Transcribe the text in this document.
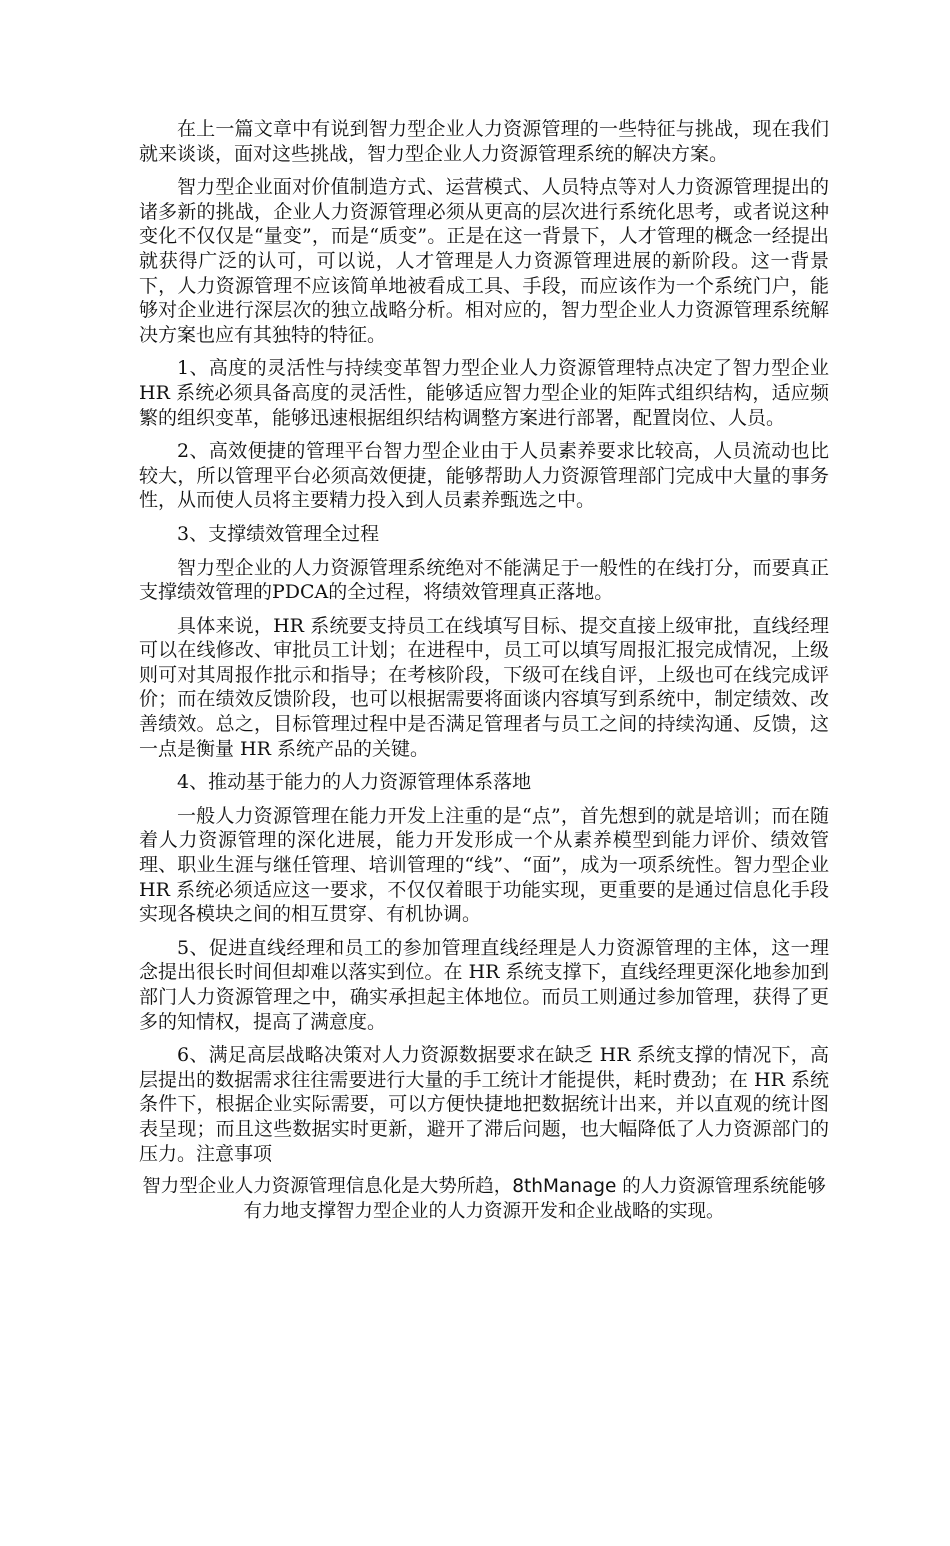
在上一篇文章中有说到智力型企业人力资源管理的一些特征与挑战，现在我们就来谈谈，面对这些挑战，智力型企业人力资源管理系统的解决方案。

智力型企业面对价值制造方式、运营模式、人员特点等对人力资源管理提出的诸多新的挑战，企业人力资源管理必须从更高的层次进行系统化思考，或者说这种变化不仅仅是“量变”，而是“质变”。正是在这一背景下，人才管理的概念一经提出就获得广泛的认可，可以说，人才管理是人力资源管理进展的新阶段。这一背景下，人力资源管理不应该简单地被看成工具、手段，而应该作为一个系统门户，能够对企业进行深层次的独立战略分析。相对应的，智力型企业人力资源管理系统解决方案也应有其独特的特征。

1、高度的灵活性与持续变革智力型企业人力资源管理特点决定了智力型企业 HR 系统必须具备高度的灵活性，能够适应智力型企业的矩阵式组织结构，适应频繁的组织变革，能够迅速根据组织结构调整方案进行部署，配置岗位、人员。

2、高效便捷的管理平台智力型企业由于人员素养要求比较高，人员流动也比较大，所以管理平台必须高效便捷，能够帮助人力资源管理部门完成中大量的事务性，从而使人员将主要精力投入到人员素养甄选之中。

3、支撑绩效管理全过程

智力型企业的人力资源管理系统绝对不能满足于一般性的在线打分，而要真正支撑绩效管理的PDCA的全过程，将绩效管理真正落地。

具体来说，HR 系统要支持员工在线填写目标、提交直接上级审批，直线经理可以在线修改、审批员工计划；在进程中，员工可以填写周报汇报完成情况，上级则可对其周报作批示和指导；在考核阶段，下级可在线自评，上级也可在线完成评价；而在绩效反馈阶段，也可以根据需要将面谈内容填写到系统中，制定绩效、改善绩效。总之，目标管理过程中是否满足管理者与员工之间的持续沟通、反馈，这一点是衡量 HR 系统产品的关键。

4、推动基于能力的人力资源管理体系落地

一般人力资源管理在能力开发上注重的是“点”，首先想到的就是培训；而在随着人力资源管理的深化进展，能力开发形成一个从素养模型到能力评价、绩效管理、职业生涯与继任管理、培训管理的“线”、“面”，成为一项系统性。智力型企业 HR 系统必须适应这一要求，不仅仅着眼于功能实现，更重要的是通过信息化手段实现各模块之间的相互贯穿、有机协调。

5、促进直线经理和员工的参加管理直线经理是人力资源管理的主体，这一理念提出很长时间但却难以落实到位。在 HR 系统支撑下，直线经理更深化地参加到部门人力资源管理之中，确实承担起主体地位。而员工则通过参加管理，获得了更多的知情权，提高了满意度。

6、满足高层战略决策对人力资源数据要求在缺乏 HR 系统支撑的情况下，高层提出的数据需求往往需要进行大量的手工统计才能提供，耗时费劲；在 HR 系统条件下，根据企业实际需要，可以方便快捷地把数据统计出来，并以直观的统计图表呈现；而且这些数据实时更新，避开了滞后问题，也大幅降低了人力资源部门的压力。注意事项

智力型企业人力资源管理信息化是大势所趋，8thManage 的人力资源管理系统能够有力地支撑智力型企业的人力资源开发和企业战略的实现。
